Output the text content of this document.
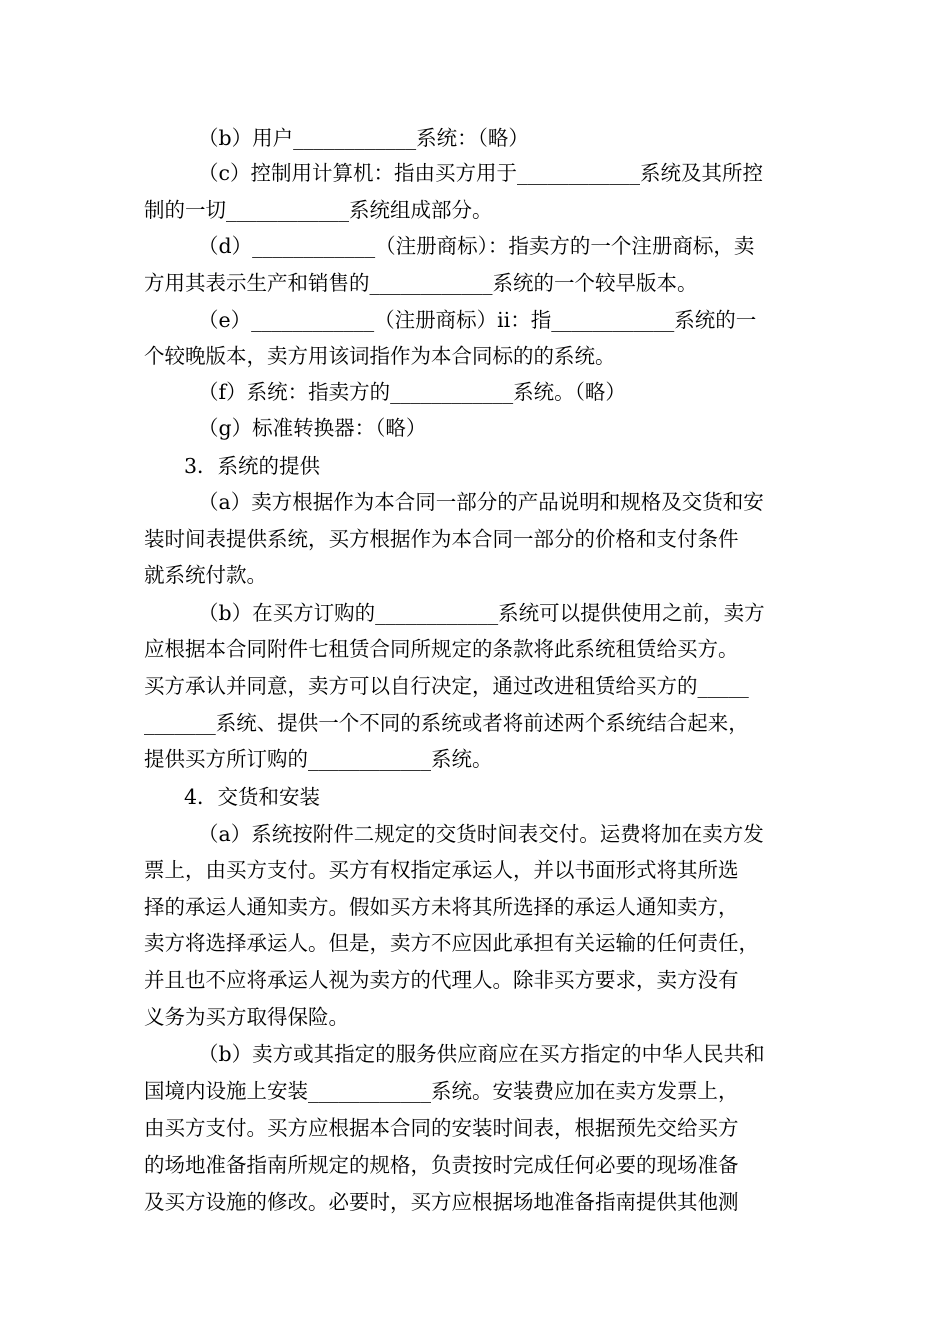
（b）用户____________系统：（略）
（c）控制用计算机：指由买方用于____________系统及其所控
制的一切____________系统组成部分。
（d）____________（注册商标）：指卖方的一个注册商标，卖
方用其表示生产和销售的____________系统的一个较早版本。
（e）____________（注册商标）ⅱ：指____________系统的一
个较晚版本，卖方用该词指作为本合同标的的系统。
（f）系统：指卖方的____________系统。（略）
（g）标准转换器：（略）
3．系统的提供
（a）卖方根据作为本合同一部分的产品说明和规格及交货和安
装时间表提供系统，买方根据作为本合同一部分的价格和支付条件
就系统付款。
（b）在买方订购的____________系统可以提供使用之前，卖方
应根据本合同附件七租赁合同所规定的条款将此系统租赁给买方。
买方承认并同意，卖方可以自行决定，通过改进租赁给买方的_____
_______系统、提供一个不同的系统或者将前述两个系统结合起来，
提供买方所订购的____________系统。
4．交货和安装
（a）系统按附件二规定的交货时间表交付。运费将加在卖方发
票上，由买方支付。买方有权指定承运人，并以书面形式将其所选
择的承运人通知卖方。假如买方未将其所选择的承运人通知卖方，
卖方将选择承运人。但是，卖方不应因此承担有关运输的任何责任，
并且也不应将承运人视为卖方的代理人。除非买方要求，卖方没有
义务为买方取得保险。
（b）卖方或其指定的服务供应商应在买方指定的中华人民共和
国境内设施上安装____________系统。安装费应加在卖方发票上，
由买方支付。买方应根据本合同的安装时间表，根据预先交给买方
的场地准备指南所规定的规格，负责按时完成任何必要的现场准备
及买方设施的修改。必要时，买方应根据场地准备指南提供其他测
